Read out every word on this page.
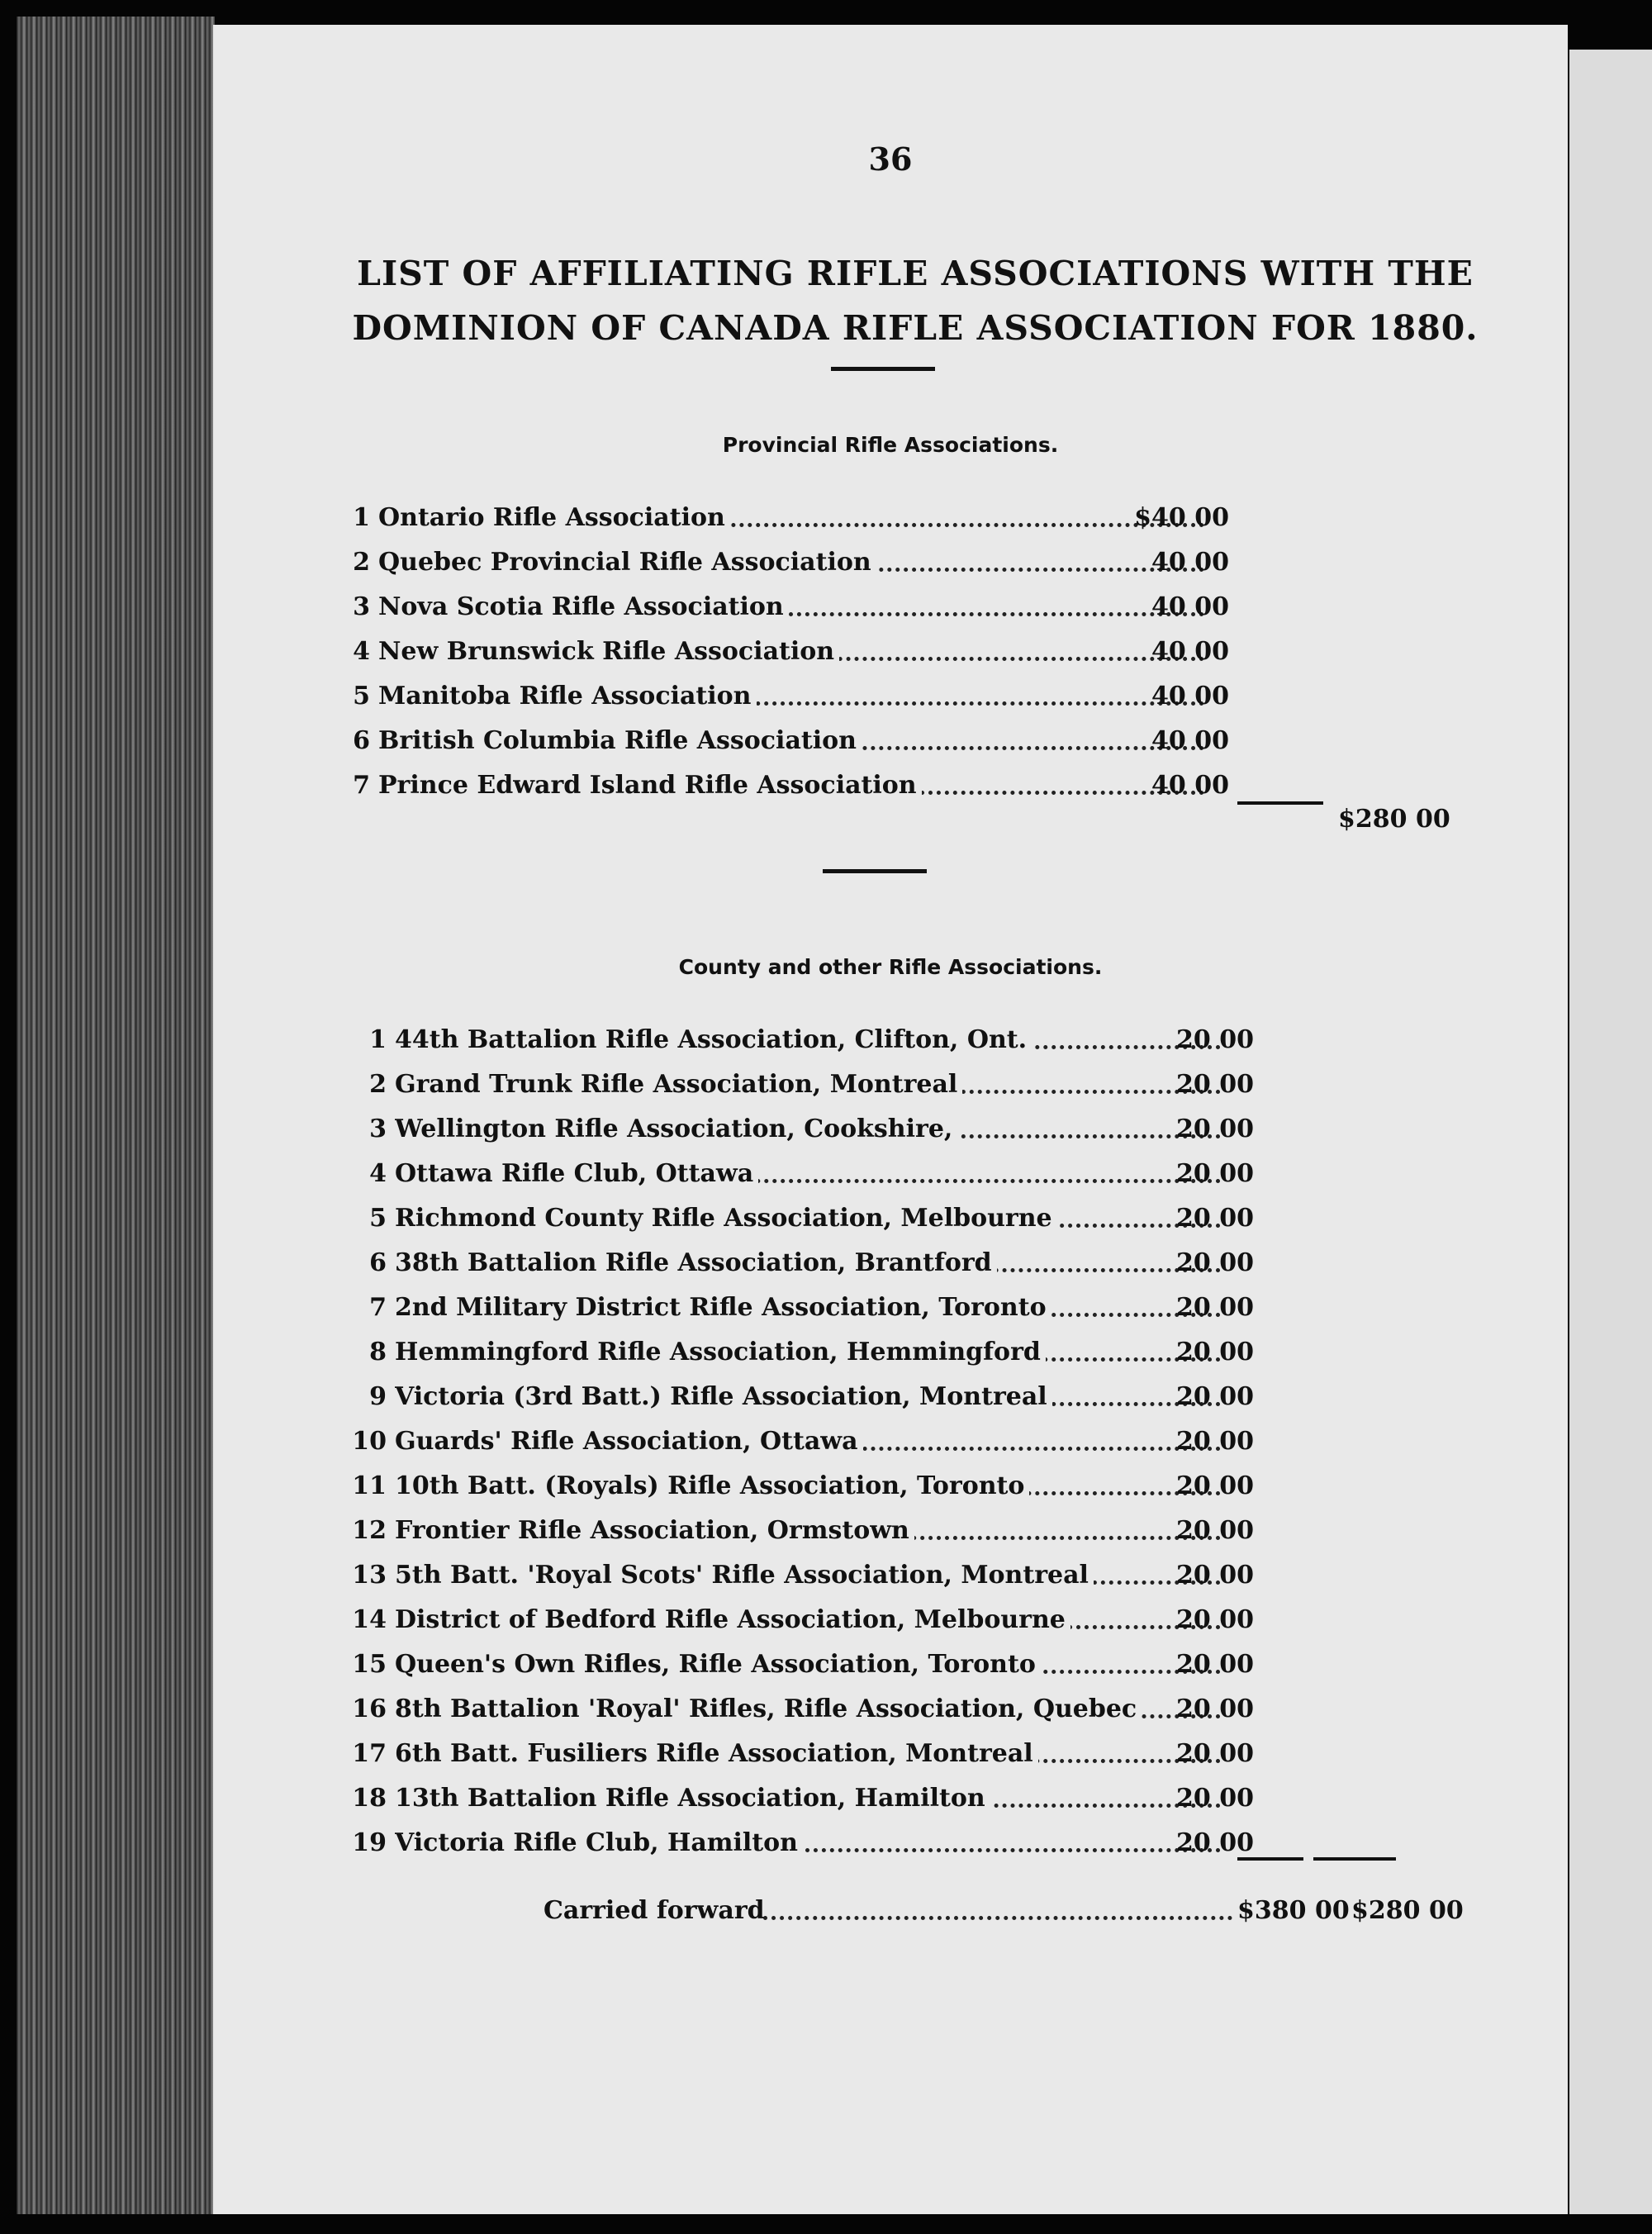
36
LIST OF AFFILIATING RIFLE ASSOCIATIONS WITH THE
DOMINION OF CANADA RIFLE ASSOCIATION FOR 1880.
Provincial Rifle Associations.
1 Ontario Rifle Association	$40 00
2 Quebec Provincial Rifle Association	40 00
3 Nova Scotia Rifle Association	40 00
4 New Brunswick Rifle Association	40 00
5 Manitoba Rifle Association	40 00
6 British Columbia Rifle Association	40 00
7 Prince Edward Island Rifle Association	40 00
$280 00
County and other Rifle Associations.
1 44th Battalion Rifle Association, Clifton, Ont.	20 00
2 Grand Trunk Rifle Association, Montreal	20 00
3 Wellington Rifle Association, Cookshire,	20 00
4 Ottawa Rifle Club, Ottawa	20 00
5 Richmond County Rifle Association, Melbourne	20 00
6 38th Battalion Rifle Association, Brantford	20 00
7 2nd Military District Rifle Association, Toronto	20 00
8 Hemmingford Rifle Association, Hemmingford	20 00
9 Victoria (3rd Batt.) Rifle Association, Montreal	20 00
10 Guards' Rifle Association, Ottawa	20 00
11 10th Batt. (Royals) Rifle Association, Toronto	20 00
12 Frontier Rifle Association, Ormstown	20 00
13 5th Batt. 'Royal Scots' Rifle Association, Montreal	20 00
14 District of Bedford Rifle Association, Melbourne	20 00
15 Queen's Own Rifles, Rifle Association, Toronto	20 00
16 8th Battalion 'Royal' Rifles, Rifle Association, Quebec	20 00
17 6th Batt. Fusiliers Rifle Association, Montreal	20 00
18 13th Battalion Rifle Association, Hamilton	20 00
19 Victoria Rifle Club, Hamilton	20 00
Carried forward	$380 00 $280 00
